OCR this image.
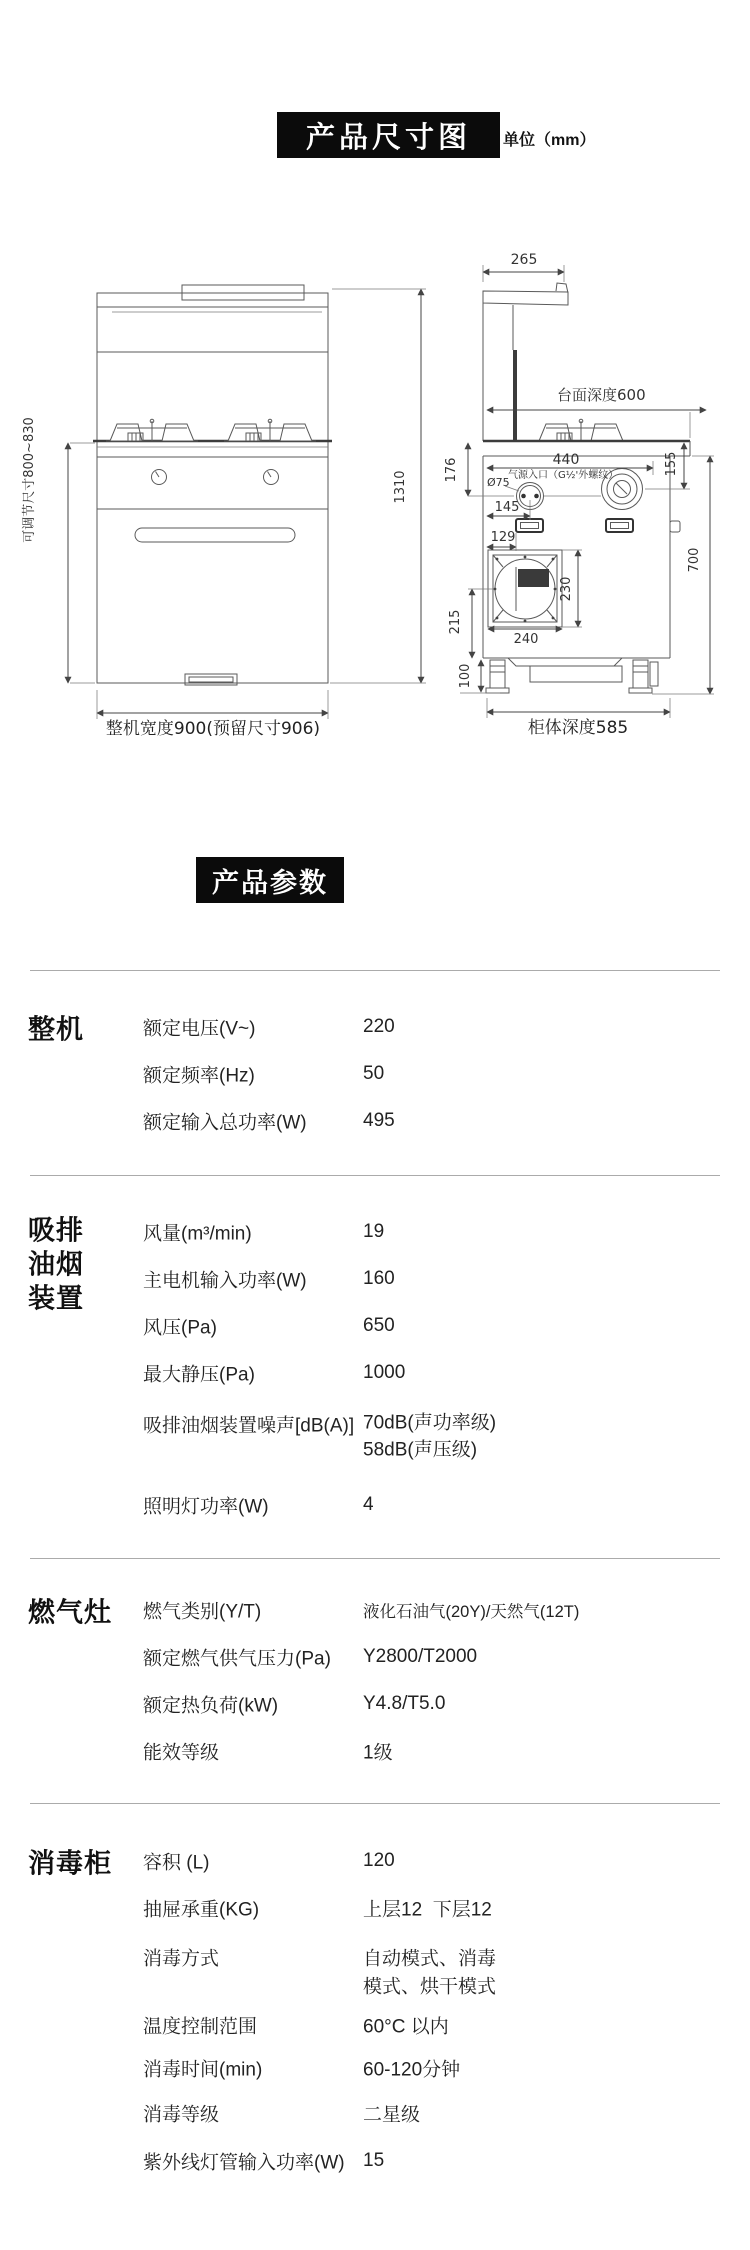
产品尺寸图	单位（mm）
可调节尺寸800~830	1310
整机宽度900(预留尺寸906)
265
台面深度600
176	440	155
Ø75
气源入口（G½'外螺纹）
145
129
230
240
215
100
700
柜体深度585
产品参数
整机	额定电压(V~)	220
额定频率(Hz)	50
额定输入总功率(W)	495
吸排
油烟
装置
风量(m³/min)	19
主电机输入功率(W)	160
风压(Pa)	650
最大静压(Pa)	1000
吸排油烟装置噪声[dB(A)] 70dB(声功率级)
58dB(声压级)
照明灯功率(W)	4
燃气灶 燃气类别(Y/T)	液化石油气(20Y)/天然气(12T)
额定燃气供气压力(Pa) Y2800/T2000
额定热负荷(kW)	Y4.8/T5.0
能效等级	1级
消毒柜 容积 (L)	120
抽屉承重(KG)	上层12  下层12
消毒方式	自动模式、消毒
模式、烘干模式
温度控制范围	60°C 以内
消毒时间(min)	60-120分钟
消毒等级	二星级
紫外线灯管输入功率(W) 15
